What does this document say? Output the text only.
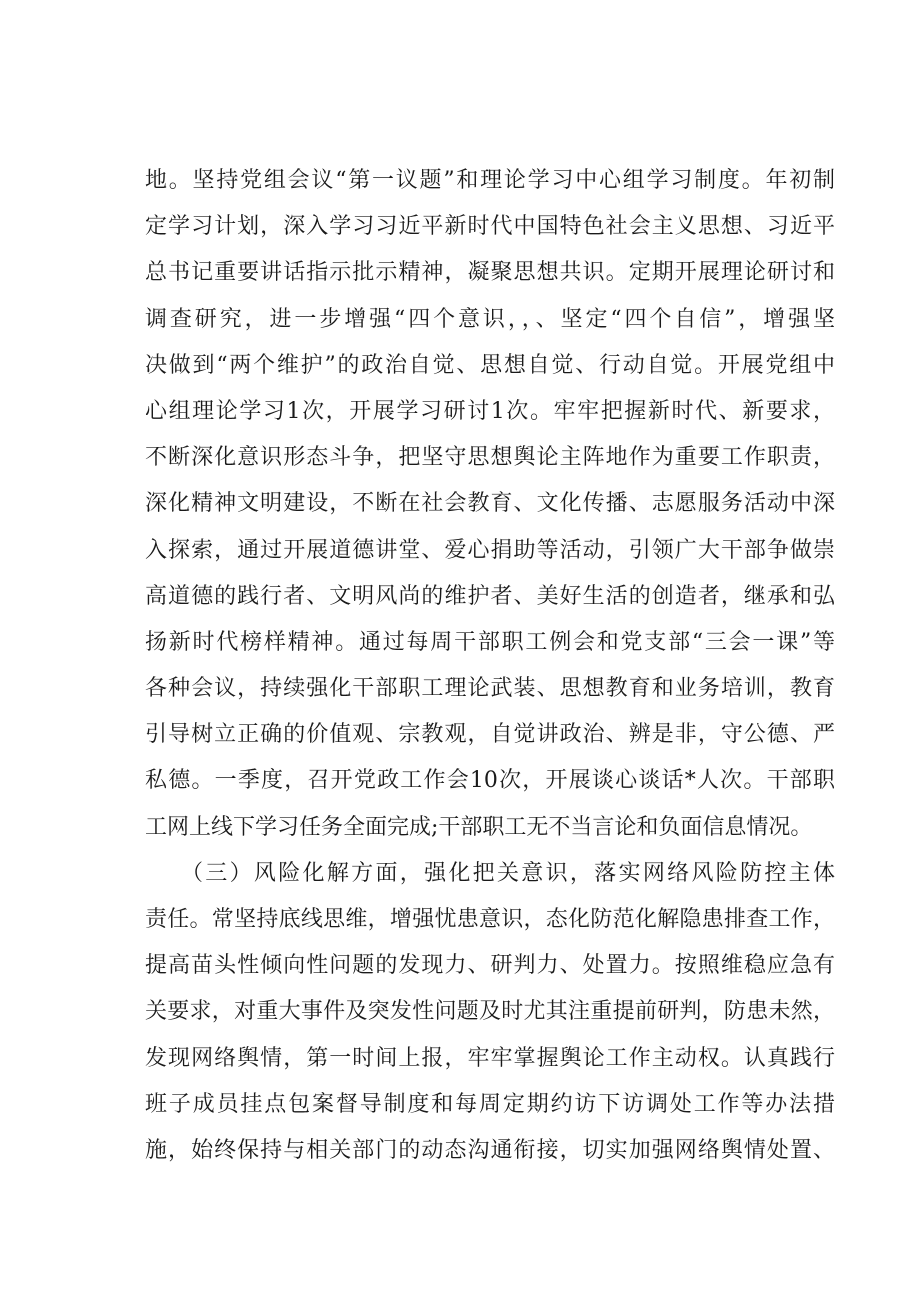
地。坚持党组会议“第一议题”和理论学习中心组学习制度。年初制
定学习计划，深入学习习近平新时代中国特色社会主义思想、习近平
总书记重要讲话指示批示精神，凝聚思想共识。定期开展理论研讨和
调查研究，进一步增强“四个意识，，、坚定“四个自信”，增强坚
决做到“两个维护”的政治自觉、思想自觉、行动自觉。开展党组中
心组理论学习1次，开展学习研讨1次。牢牢把握新时代、新要求，
不断深化意识形态斗争，把坚守思想舆论主阵地作为重要工作职责，
深化精神文明建设，不断在社会教育、文化传播、志愿服务活动中深
入探索，通过开展道德讲堂、爱心捐助等活动，引领广大干部争做崇
高道德的践行者、文明风尚的维护者、美好生活的创造者，继承和弘
扬新时代榜样精神。通过每周干部职工例会和党支部“三会一课”等
各种会议，持续强化干部职工理论武装、思想教育和业务培训，教育
引导树立正确的价值观、宗教观，自觉讲政治、辨是非，守公德、严
私德。一季度，召开党政工作会10次，开展谈心谈话*人次。干部职
工网上线下学习任务全面完成;干部职工无不当言论和负面信息情况。
（三）风险化解方面，强化把关意识，落实网络风险防控主体
责任。常坚持底线思维，增强忧患意识，态化防范化解隐患排查工作，
提高苗头性倾向性问题的发现力、研判力、处置力。按照维稳应急有
关要求，对重大事件及突发性问题及时尤其注重提前研判，防患未然，
发现网络舆情，第一时间上报，牢牢掌握舆论工作主动权。认真践行
班子成员挂点包案督导制度和每周定期约访下访调处工作等办法措
施，始终保持与相关部门的动态沟通衔接，切实加强网络舆情处置、
